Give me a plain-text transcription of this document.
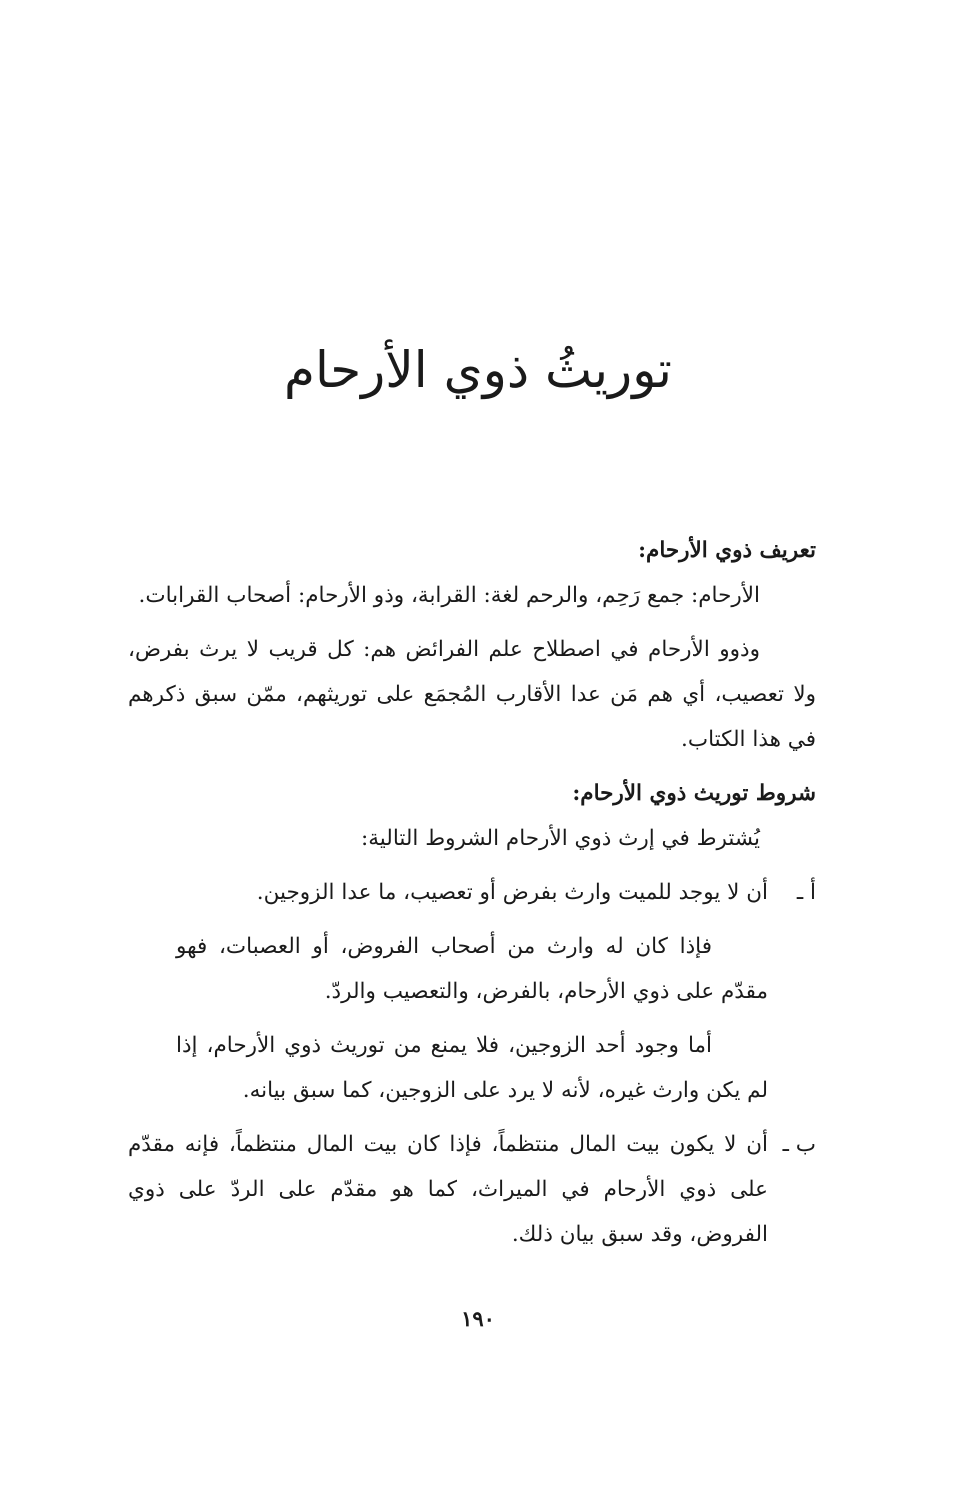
توريثُ ذوي الأرحام

تعريف ذوي الأرحام:

الأرحام: جمع رَحِم، والرحم لغة: القرابة، وذو الأرحام: أصحاب القرابات.

وذوو الأرحام في اصطلاح علم الفرائض هم: كل قريب لا يرث بفرض، ولا تعصيب، أي هم مَن عدا الأقارب المُجمَع على توريثهم، ممّن سبق ذكرهم في هذا الكتاب.

شروط توريث ذوي الأرحام:

يُشترط في إرث ذوي الأرحام الشروط التالية:

أ ـ
أن لا يوجد للميت وارث بفرض أو تعصيب، ما عدا الزوجين.

فإذا كان له وارث من أصحاب الفروض، أو العصبات، فهو مقدّم على ذوي الأرحام، بالفرض، والتعصيب والردّ.

أما وجود أحد الزوجين، فلا يمنع من توريث ذوي الأرحام، إذا لم يكن وارث غيره، لأنه لا يرد على الزوجين، كما سبق بيانه.

ب ـ
أن لا يكون بيت المال منتظماً، فإذا كان بيت المال منتظماً، فإنه مقدّم على ذوي الأرحام في الميراث، كما هو مقدّم على الردّ على ذوي الفروض، وقد سبق بيان ذلك.

١٩٠
